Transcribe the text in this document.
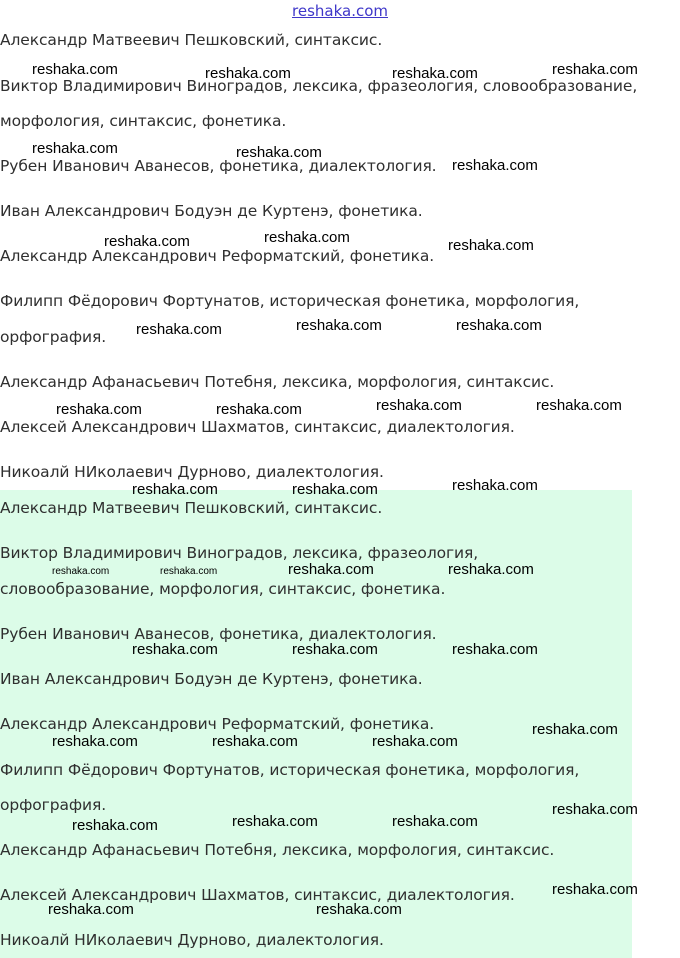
reshaka.com
Александр Матвеевич Пешковский, синтаксис.
Виктор Владимирович Виноградов, лексика, фразеология, словообразование,
морфология, синтаксис, фонетика.
Рубен Иванович Аванесов, фонетика, диалектология.
Иван Александрович Бодуэн де Куртенэ, фонетика.
Александр Александрович Реформатский, фонетика.
Филипп Фёдорович Фортунатов, историческая фонетика, морфология,
орфография.
Александр Афанасьевич Потебня, лексика, морфология, синтаксис.
Алексей Александрович Шахматов, синтаксис, диалектология.
Никоалй НИколаевич Дурново, диалектология.
Александр Матвеевич Пешковский, синтаксис.
Виктор Владимирович Виноградов, лексика, фразеология,
словообразование, морфология, синтаксис, фонетика.
Рубен Иванович Аванесов, фонетика, диалектология.
Иван Александрович Бодуэн де Куртенэ, фонетика.
Александр Александрович Реформатский, фонетика.
Филипп Фёдорович Фортунатов, историческая фонетика, морфология,
орфография.
Александр Афанасьевич Потебня, лексика, морфология, синтаксис.
Алексей Александрович Шахматов, синтаксис, диалектология.
Никоалй НИколаевич Дурново, диалектология.
reshaka.com	reshaka.com	reshaka.com	reshaka.com
reshaka.com	reshaka.com
reshaka.com
reshaka.com	reshaka.com	reshaka.com
reshaka.com	reshaka.com	reshaka.com
reshaka.com	reshaka.com	reshaka.com	reshaka.com
reshaka.com	reshaka.com	reshaka.com
reshaka.com	reshaka.com	reshaka.com	reshaka.com
reshaka.com	reshaka.com	reshaka.com
reshaka.com
reshaka.com	reshaka.com	reshaka.com
reshaka.com
reshaka.com	reshaka.com	reshaka.com
reshaka.com
reshaka.com	reshaka.com
